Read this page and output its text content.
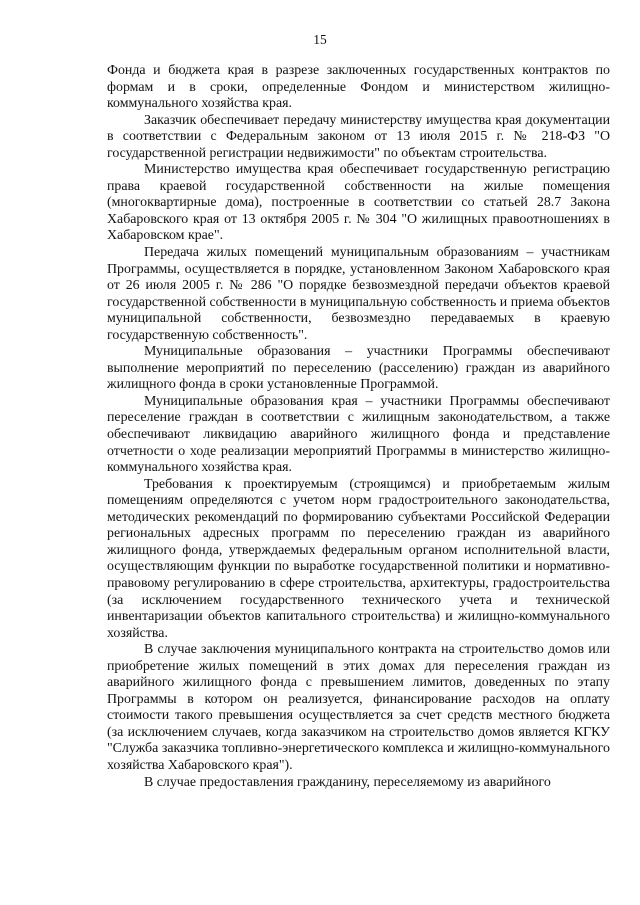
15

Фонда и бюджета края в разрезе заключенных государственных контрактов по формам и в сроки, определенные Фондом и министерством жилищно-коммунального хозяйства края.

Заказчик обеспечивает передачу министерству имущества края документации в соответствии с Федеральным законом от 13 июля 2015 г. № 218-ФЗ "О государственной регистрации недвижимости" по объектам строительства.

Министерство имущества края обеспечивает государственную регистрацию права краевой государственной собственности на жилые помещения (многоквартирные дома), построенные в соответствии со статьей 28.7 Закона Хабаровского края от 13 октября 2005 г. № 304 "О жилищных правоотношениях в Хабаровском крае".

Передача жилых помещений муниципальным образованиям – участникам Программы, осуществляется в порядке, установленном Законом Хабаровского края от 26 июля 2005 г. № 286 "О порядке безвозмездной передачи объектов краевой государственной собственности в муниципальную собственность и приема объектов муниципальной собственности, безвозмездно передаваемых в краевую государственную собственность".

Муниципальные образования – участники Программы обеспечивают выполнение мероприятий по переселению (расселению) граждан из аварийного жилищного фонда в сроки установленные Программой.

Муниципальные образования края – участники Программы обеспечивают переселение граждан в соответствии с жилищным законодательством, а также обеспечивают ликвидацию аварийного жилищного фонда и представление отчетности о ходе реализации мероприятий Программы в министерство жилищно-коммунального хозяйства края.

Требования к проектируемым (строящимся) и приобретаемым жилым помещениям определяются с учетом норм градостроительного законодательства, методических рекомендаций по формированию субъектами Российской Федерации региональных адресных программ по переселению граждан из аварийного жилищного фонда, утверждаемых федеральным органом исполнительной власти, осуществляющим функции по выработке государственной политики и нормативно-правовому регулированию в сфере строительства, архитектуры, градостроительства (за исключением государственного технического учета и технической инвентаризации объектов капитального строительства) и жилищно-коммунального хозяйства.

В случае заключения муниципального контракта на строительство домов или приобретение жилых помещений в этих домах для переселения граждан из аварийного жилищного фонда с превышением лимитов, доведенных по этапу Программы в котором он реализуется, финансирование расходов на оплату стоимости такого превышения осуществляется за счет средств местного бюджета (за исключением случаев, когда заказчиком на строительство домов является КГКУ "Служба заказчика топливно-энергетического комплекса и жилищно-коммунального хозяйства Хабаровского края").

В случае предоставления гражданину, переселяемому из аварийного
